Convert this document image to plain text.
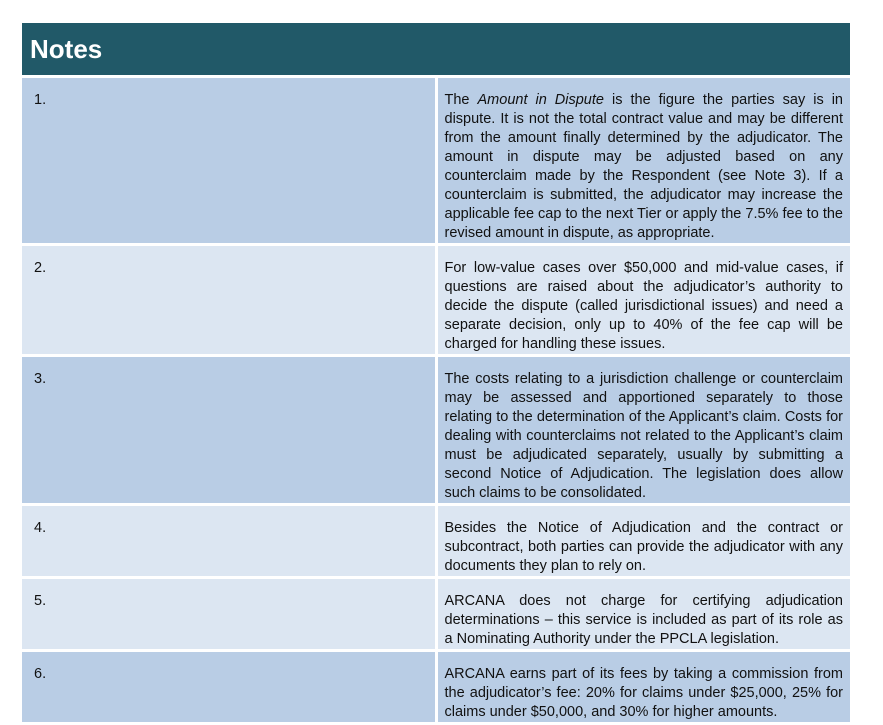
Notes	
1.	The Amount in Dispute is the figure the parties say is in dispute. It is not the total contract value and may be different from the amount finally determined by the adjudicator. The amount in dispute may be adjusted based on any counterclaim made by the Respondent (see Note 3). If a counterclaim is submitted, the adjudicator may increase the applicable fee cap to the next Tier or apply the 7.5% fee to the revised amount in dispute, as appropriate.
2.	For low-value cases over $50,000 and mid-value cases, if questions are raised about the adjudicator’s authority to decide the dispute (called jurisdictional issues) and need a separate decision, only up to 40% of the fee cap will be charged for handling these issues.
3.	The costs relating to a jurisdiction challenge or counterclaim may be assessed and apportioned separately to those relating to the determination of the Applicant’s claim. Costs for dealing with counterclaims not related to the Applicant’s claim must be adjudicated separately, usually by submitting a second Notice of Adjudication. The legislation does allow such claims to be consolidated.
4.	Besides the Notice of Adjudication and the contract or subcontract, both parties can provide the adjudicator with any documents they plan to rely on.
5.	ARCANA does not charge for certifying adjudication determinations – this service is included as part of its role as a Nominating Authority under the PPCLA legislation.
6.	ARCANA earns part of its fees by taking a commission from the adjudicator’s fee: 20% for claims under $25,000, 25% for claims under $50,000, and 30% for higher amounts.
